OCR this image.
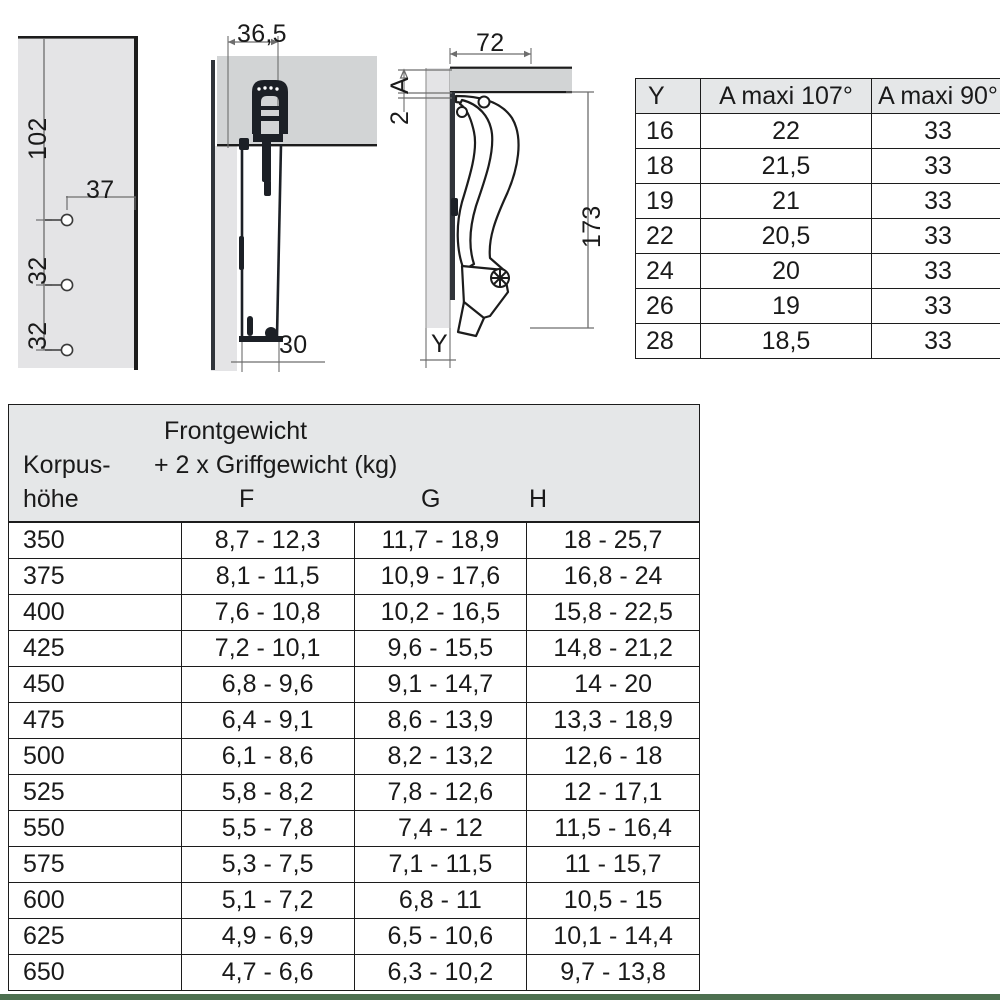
102
37
32
32
36,5
30
72
A
2
173
Y
Y	A maxi 107°	A maxi 90°
16	22	33
18	21,5	33
19	21	33
22	20,5	33
24	20	33
26	19	33
28	18,5	33
Korpus-
höhe
Frontgewicht
+ 2 x Griffgewicht (kg)
F	G	H

350	8,7 - 12,3	11,7 - 18,9	18 - 25,7
375	8,1 - 11,5	10,9 - 17,6	16,8 - 24
400	7,6 - 10,8	10,2 - 16,5	15,8 - 22,5
425	7,2 - 10,1	9,6 - 15,5	14,8 - 21,2
450	6,8 - 9,6	9,1 - 14,7	14 - 20
475	6,4 - 9,1	8,6 - 13,9	13,3 - 18,9
500	6,1 - 8,6	8,2 - 13,2	12,6 - 18
525	5,8 - 8,2	7,8 - 12,6	12 - 17,1
550	5,5 - 7,8	7,4 - 12	11,5 - 16,4
575	5,3 - 7,5	7,1 - 11,5	11 - 15,7
600	5,1 - 7,2	6,8 - 11	10,5 - 15
625	4,9 - 6,9	6,5 - 10,6	10,1 - 14,4
650	4,7 - 6,6	6,3 - 10,2	9,7 - 13,8
